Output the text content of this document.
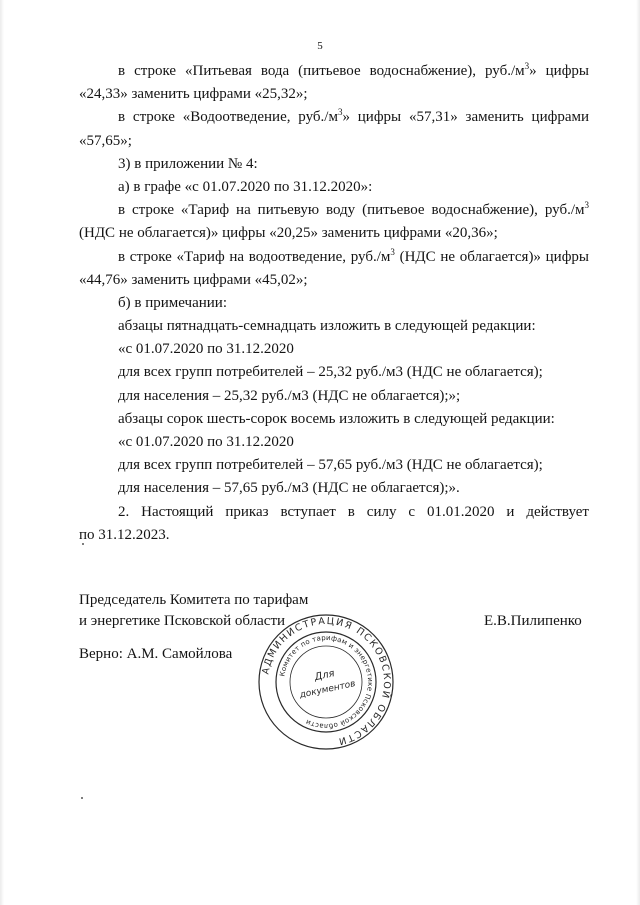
5
в строке «Питьевая вода (питьевое водоснабжение), $руб./м^3$» цифры
«24,33» заменить цифрами «25,32»;
в строке «Водоотведение, $руб./м^3$» цифры «57,31» заменить цифрами
«57,65»;
3) в приложении № 4:
а) в графе «с 01.07.2020 по 31.12.2020»:
в строке «Тариф на питьевую воду (питьевое водоснабжение), $руб./м^3$
(НДС не облагается)» цифры «20,25» заменить цифрами «20,36»;
в строке «Тариф на водоотведение, $руб./м^3$ (НДС не облагается)» цифры
«44,76» заменить цифрами «45,02»;
б) в примечании:
абзацы пятнадцать-семнадцать изложить в следующей редакции:
«с 01.07.2020 по 31.12.2020
для всех групп потребителей – 25,32 руб./м3 (НДС не облагается);
для населения – 25,32 руб./м3 (НДС не облагается);»;
абзацы сорок шесть-сорок восемь изложить в следующей редакции:
«с 01.07.2020 по 31.12.2020
для всех групп потребителей – 57,65 руб./м3 (НДС не облагается);
для населения – 57,65 руб./м3 (НДС не облагается);».
2. Настоящий приказ вступает в силу с 01.01.2020 и действует
по 31.12.2023.
Председатель Комитета по тарифам
и энергетике Псковской области	Е.В.Пилипенко
Верно: А.М. Самойлова
АДМИНИСТРАЦИЯ ПСКОВСКОЙ ОБЛАСТИ
Комитет по тарифам и энергетике Псковской области
Для
документов
